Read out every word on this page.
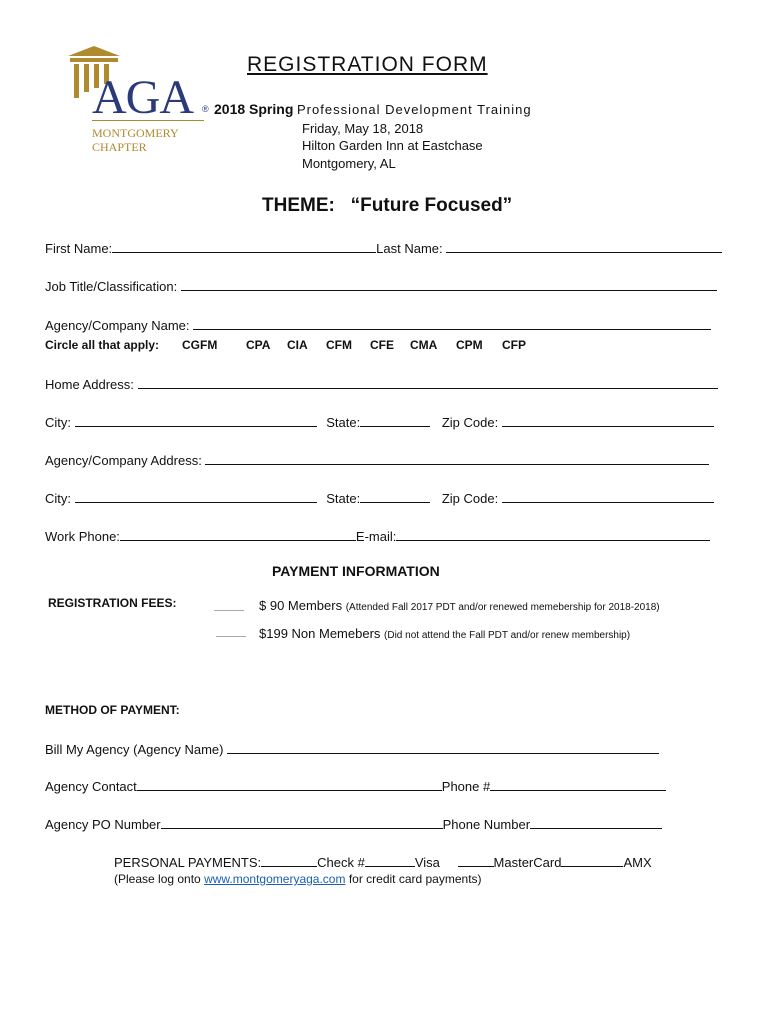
AGA ®
MONTGOMERY
CHAPTER
REGISTRATION FORM
2018 Spring Professional Development Training
Friday, May 18, 2018
Hilton Garden Inn at Eastchase
Montgomery, AL
THEME: “Future Focused”
First Name:	Last Name:
Job Title/Classification:
Agency/Company Name:
Circle all that apply: CGFM CPA CIA CFM CFE CMA CPM CFP
Home Address:
City:	State:	Zip Code:
Agency/Company Address:
City:	State:	Zip Code:
Work Phone:	E-mail:
PAYMENT INFORMATION
REGISTRATION FEES:	$ 90 Members (Attended Fall 2017 PDT and/or renewed memebership for 2018-2018)
$199 Non Memebers (Did not attend the Fall PDT and/or renew membership)
METHOD OF PAYMENT:
Bill My Agency (Agency Name)
Agency Contact	Phone #
Agency PO Number	Phone Number
PERSONAL PAYMENTS:	Check #	Visa	MasterCard	AMX
(Please log onto www.montgomeryaga.com for credit card payments)
